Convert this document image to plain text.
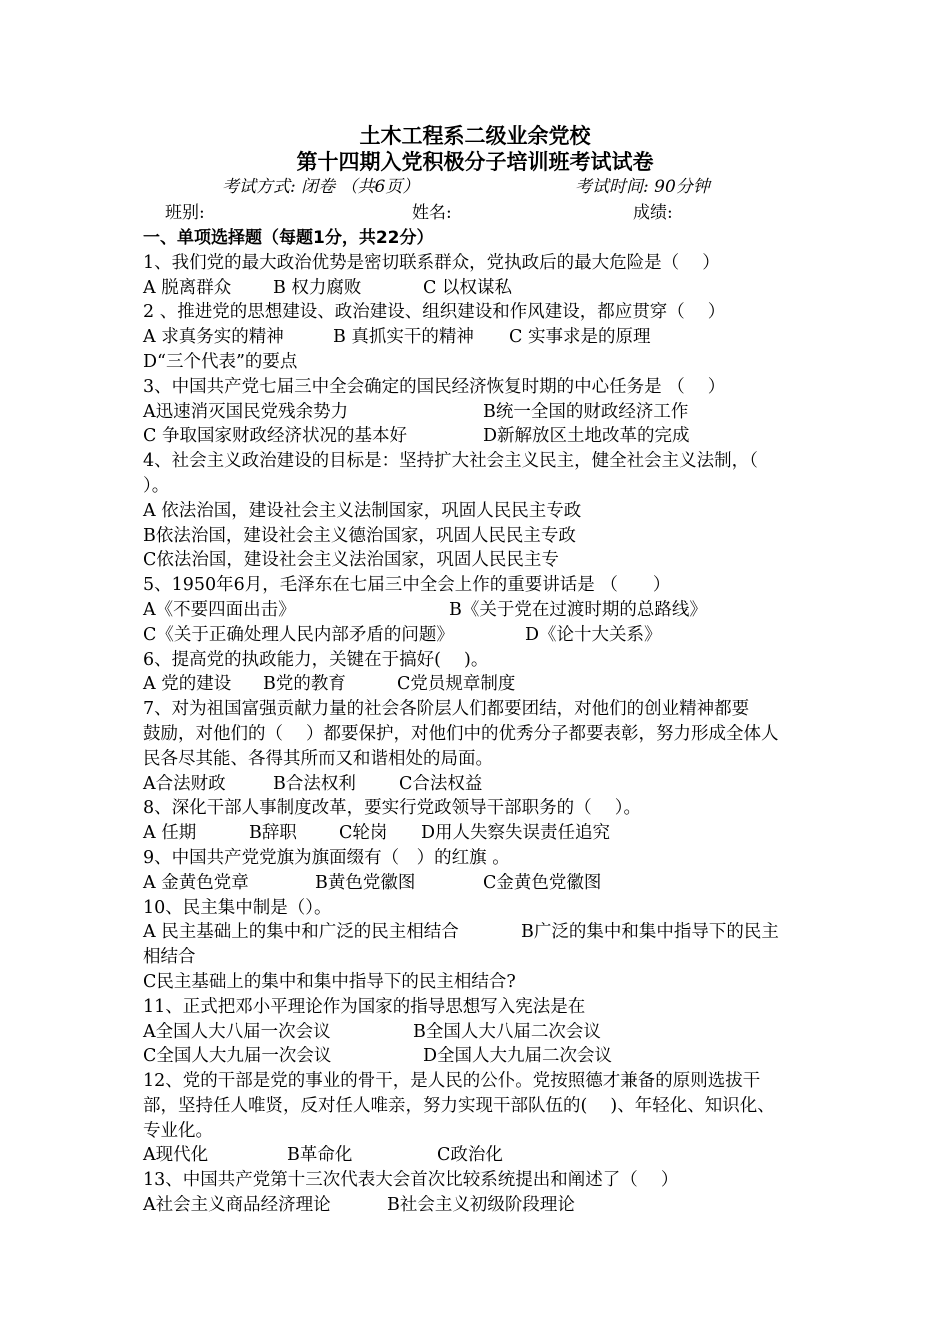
土木工程系二级业余党校
第十四期入党积极分子培训班考试试卷
考试方式: 闭卷 （共6页）	考试时间: 90分钟
班别:	姓名:	成绩:
一、单项选择题（每题1分，共22分）
1、我们党的最大政治优势是密切联系群众，党执政后的最大危险是（　 ）
A 脱离群众 B 权力腐败	C 以权谋私
2 、推进党的思想建设、政治建设、组织建设和作风建设，都应贯穿（　 ）
A 求真务实的精神	B 真抓实干的精神 C 实事求是的原理
D“三个代表”的要点
3、中国共产党七届三中全会确定的国民经济恢复时期的中心任务是 （　 ）
A迅速消灭国民党残余势力	B统一全国的财政经济工作
C 争取国家财政经济状况的基本好	D新解放区土地改革的完成
4、社会主义政治建设的目标是：坚持扩大社会主义民主，健全社会主义法制，（
）。
A 依法治国，建设社会主义法制国家，巩固人民民主专政
B依法治国，建设社会主义德治国家，巩固人民民主专政
C依法治国，建设社会主义法治国家，巩固人民民主专
5、1950年6月，毛泽东在七届三中全会上作的重要讲话是 （　　）
A《不要四面出击》	B《关于党在过渡时期的总路线》
C《关于正确处理人民内部矛盾的问题》	D《论十大关系》
6、提高党的执政能力，关键在于搞好(　 )。
A 党的建设 B党的教育	C党员规章制度
7、对为祖国富强贡献力量的社会各阶层人们都要团结，对他们的创业精神都要
鼓励，对他们的（　 ）都要保护，对他们中的优秀分子都要表彰，努力形成全体人
民各尽其能、各得其所而又和谐相处的局面。
A合法财政	B合法权利 C合法权益
8、深化干部人事制度改革，要实行党政领导干部职务的（　 ）。
A 任期	B辞职 C轮岗 D用人失察失误责任追究
9、中国共产党党旗为旗面缀有（　）的红旗 。
A 金黄色党章	B黄色党徽图	C金黄色党徽图
10、民主集中制是（）。
A 民主基础上的集中和广泛的民主相结合	B广泛的集中和集中指导下的民主
相结合
C民主基础上的集中和集中指导下的民主相结合?
11、正式把邓小平理论作为国家的指导思想写入宪法是在
A全国人大八届一次会议	B全国人大八届二次会议
C全国人大九届一次会议	D全国人大九届二次会议
12、党的干部是党的事业的骨干，是人民的公仆。党按照德才兼备的原则选拔干
部，坚持任人唯贤，反对任人唯亲，努力实现干部队伍的(　 )、年轻化、知识化、
专业化。
A现代化	B革命化	C政治化
13、中国共产党第十三次代表大会首次比较系统提出和阐述了（　 ）
A社会主义商品经济理论	B社会主义初级阶段理论
